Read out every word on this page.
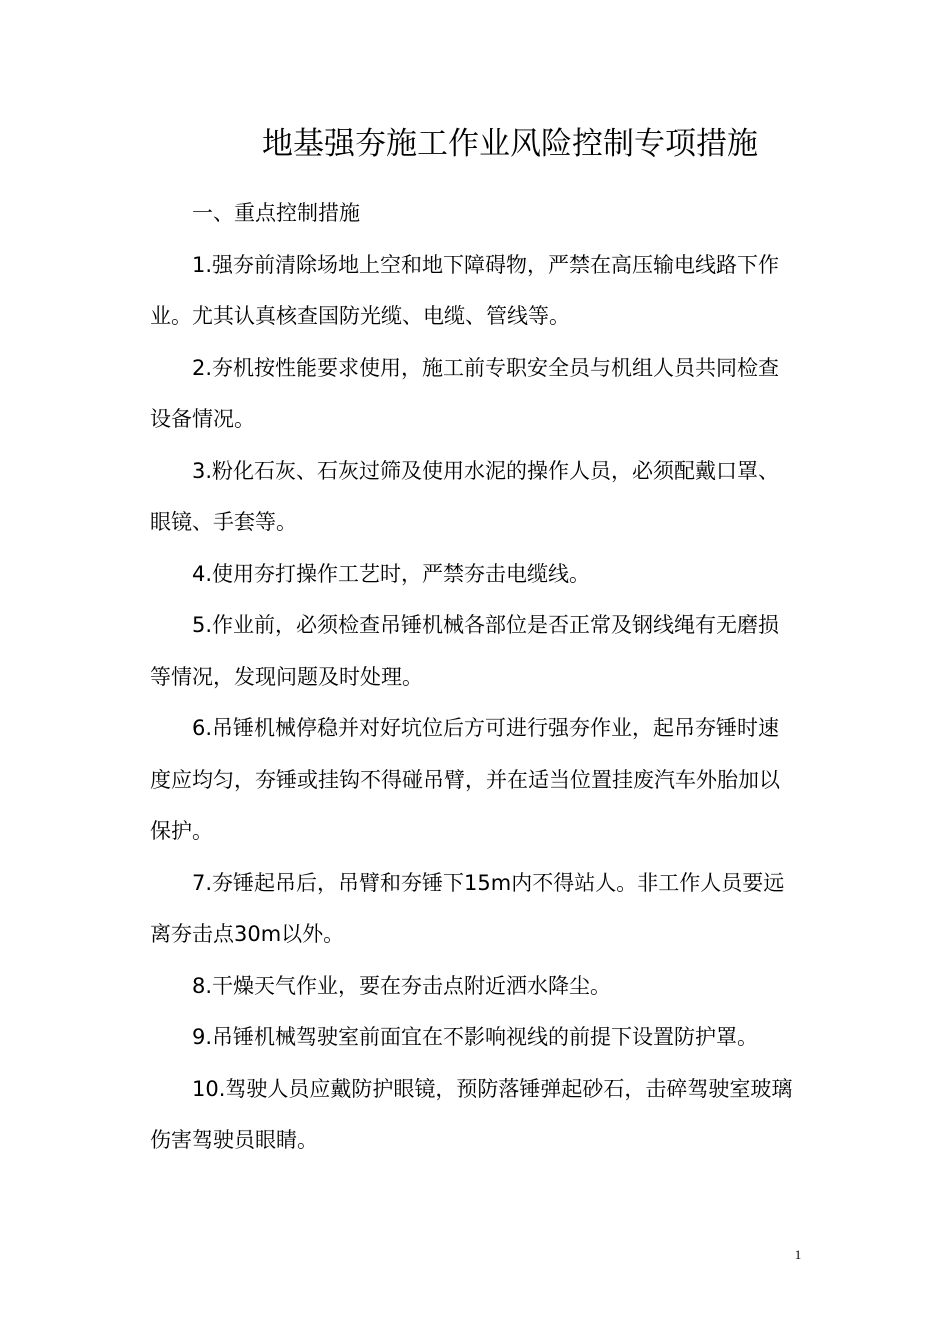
地基强夯施工作业风险控制专项措施

一、重点控制措施

1.强夯前清除场地上空和地下障碍物，严禁在高压输电线路下作业。尤其认真核查国防光缆、电缆、管线等。

2.夯机按性能要求使用，施工前专职安全员与机组人员共同检查设备情况。

3.粉化石灰、石灰过筛及使用水泥的操作人员，必须配戴口罩、眼镜、手套等。

4.使用夯打操作工艺时，严禁夯击电缆线。

5.作业前，必须检查吊锤机械各部位是否正常及钢线绳有无磨损等情况，发现问题及时处理。

6.吊锤机械停稳并对好坑位后方可进行强夯作业，起吊夯锤时速度应均匀，夯锤或挂钩不得碰吊臂，并在适当位置挂废汽车外胎加以保护。

7.夯锤起吊后，吊臂和夯锤下15m内不得站人。非工作人员要远离夯击点30m以外。

8.干燥天气作业，要在夯击点附近洒水降尘。

9.吊锤机械驾驶室前面宜在不影响视线的前提下设置防护罩。

10.驾驶人员应戴防护眼镜，预防落锤弹起砂石，击碎驾驶室玻璃伤害驾驶员眼睛。

1
